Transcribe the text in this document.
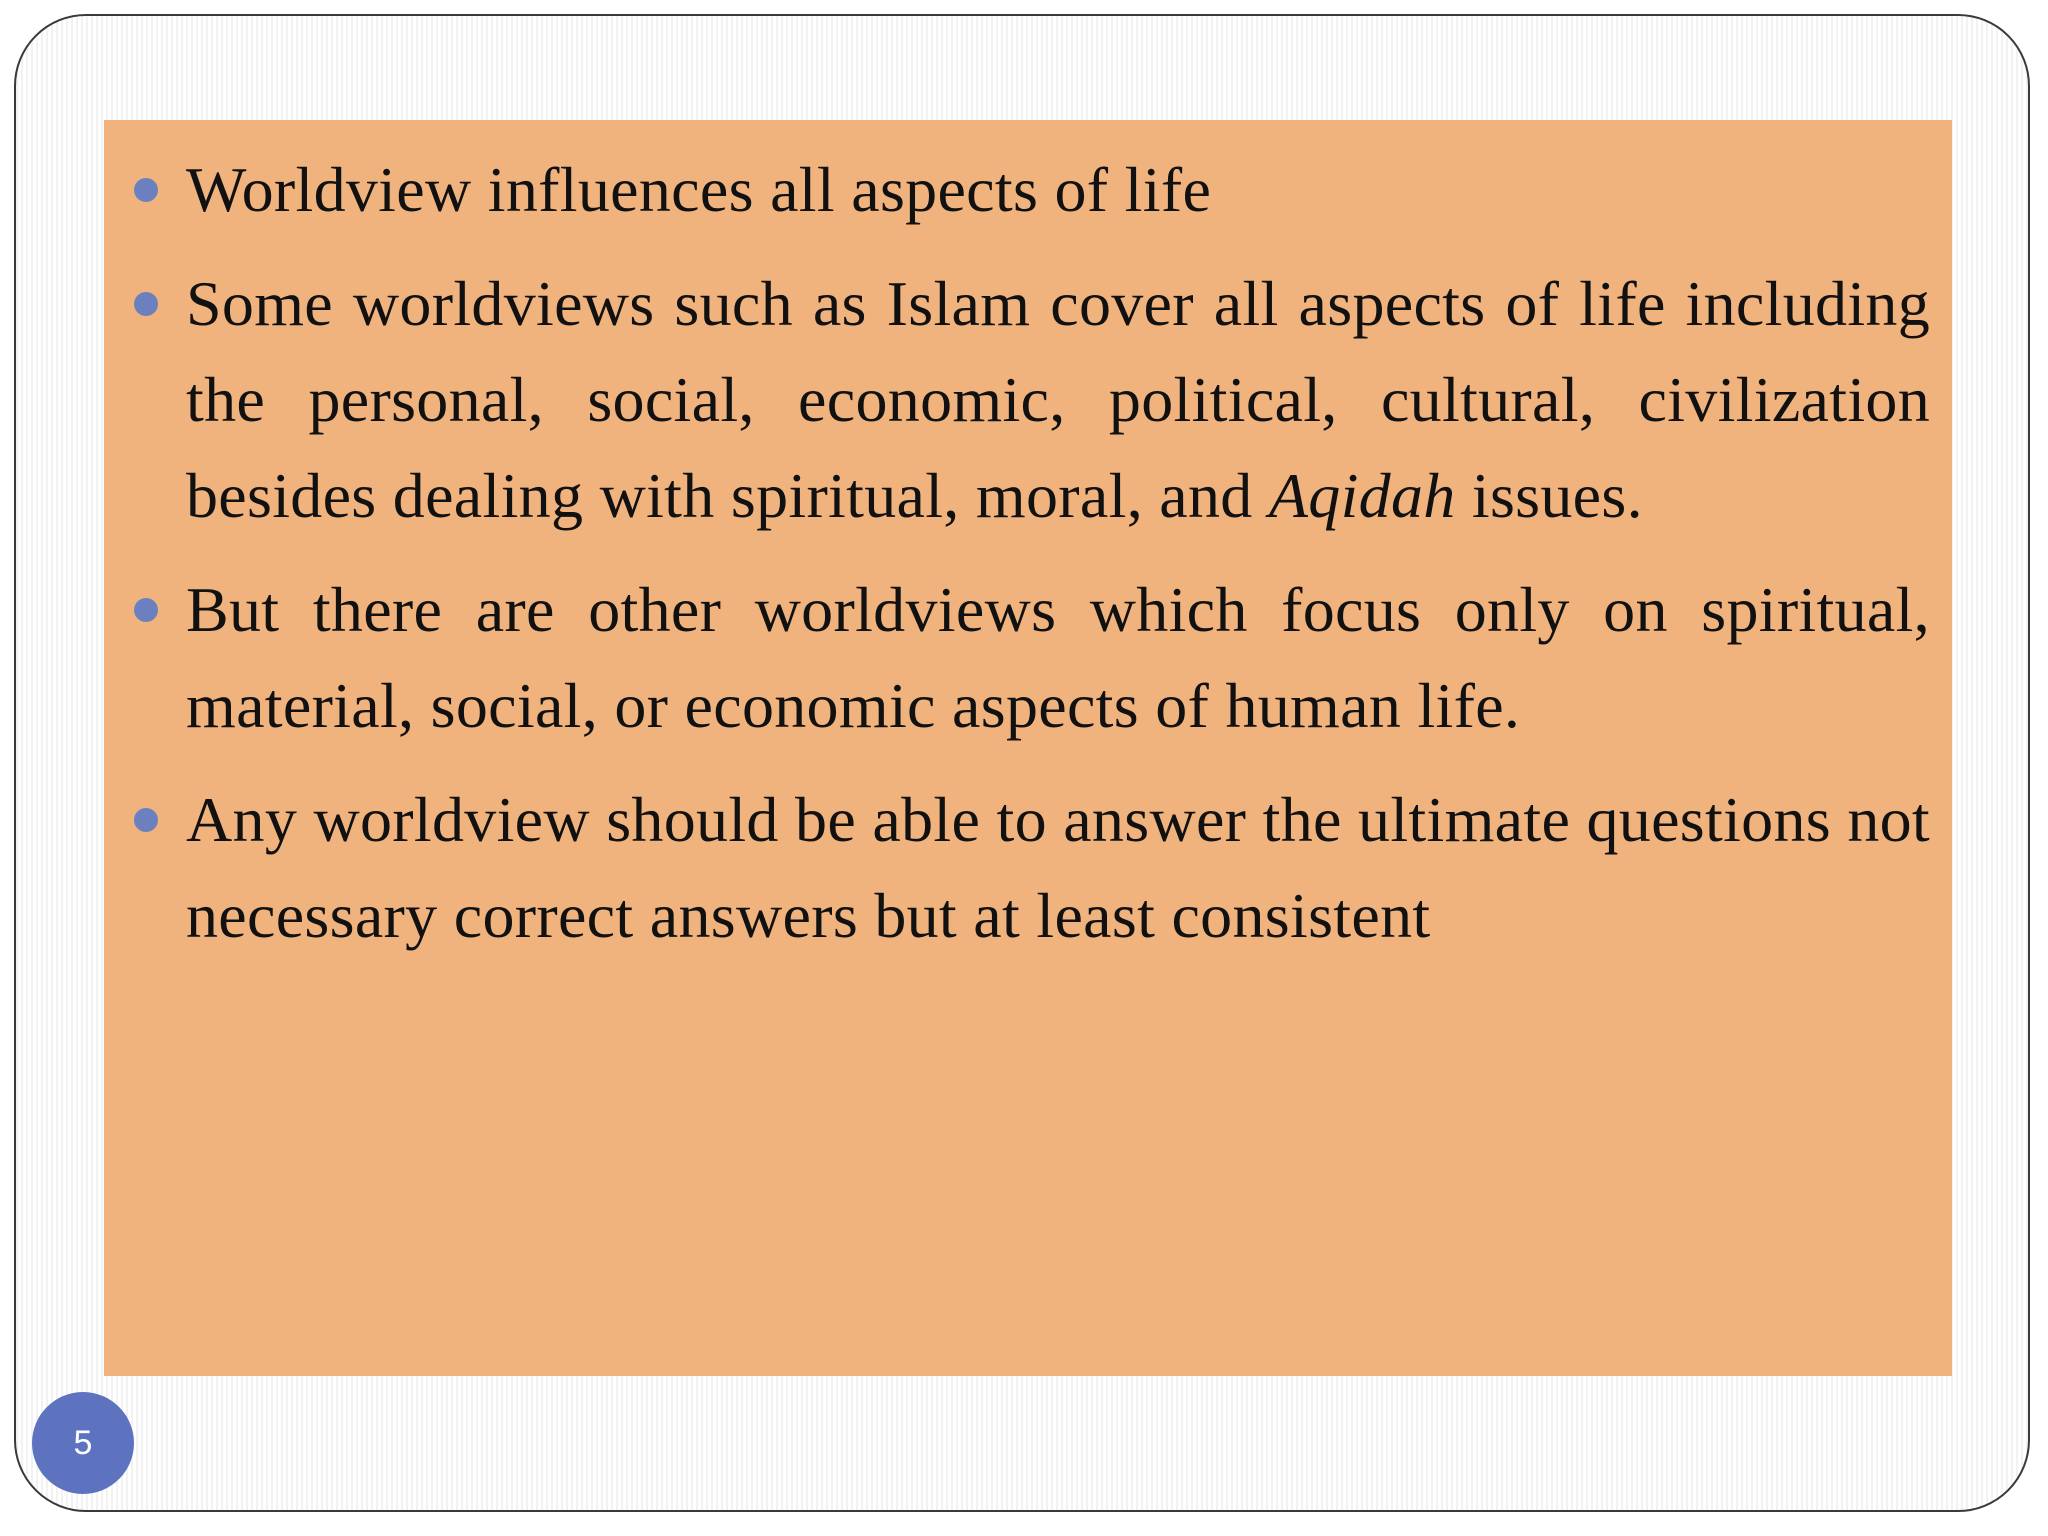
Worldview influences all aspects of life
Some worldviews such as Islam cover all aspects of life including the personal, social, economic, political, cultural, civilization besides dealing with spiritual, moral, and Aqidah issues.
But there are other worldviews which focus only on spiritual, material, social, or economic aspects of human life.
Any worldview should be able to answer the ultimate questions not necessary correct answers but at least consistent
5
